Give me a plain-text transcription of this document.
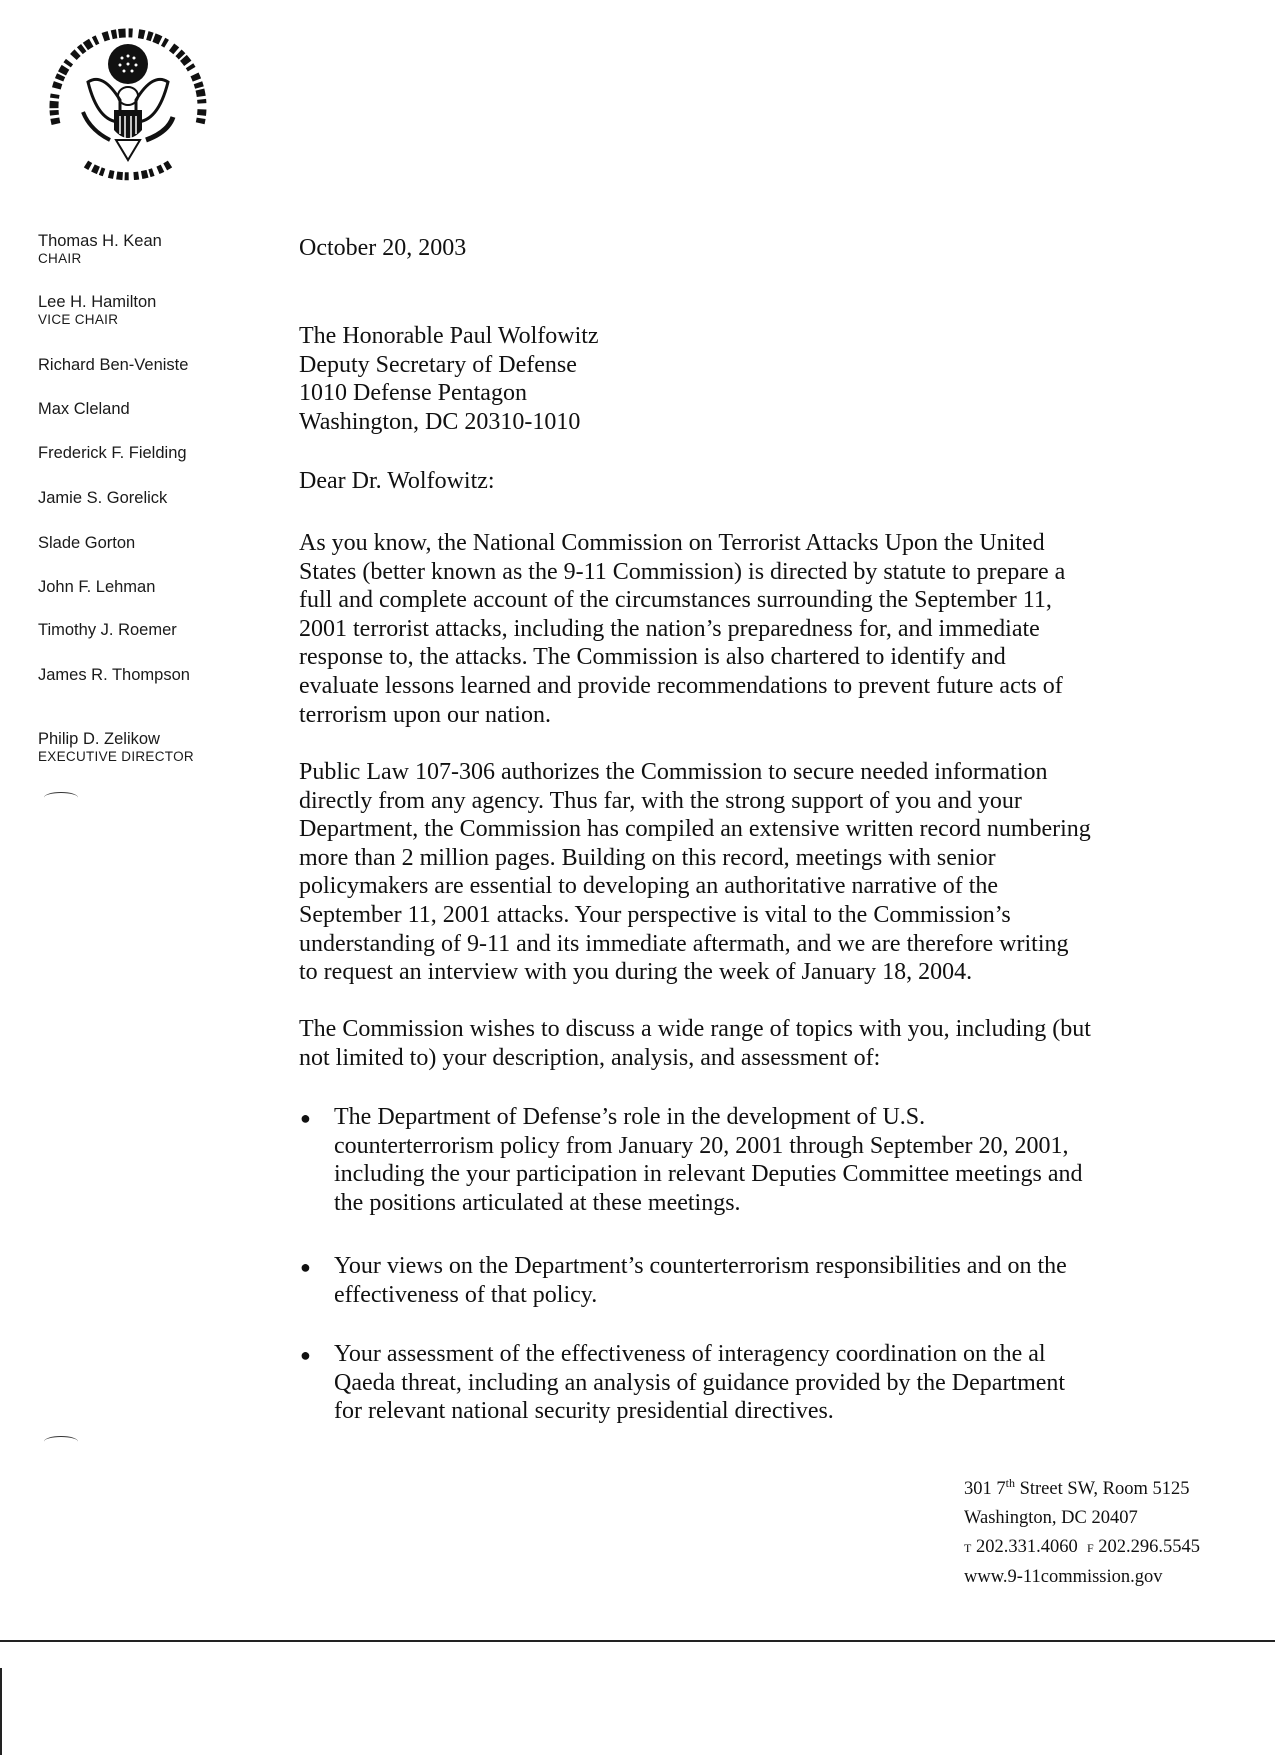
Thomas H. Kean
CHAIR
Lee H. Hamilton
VICE CHAIR
Richard Ben-Veniste
Max Cleland
Frederick F. Fielding
Jamie S. Gorelick
Slade Gorton
John F. Lehman
Timothy J. Roemer
James R. Thompson
Philip D. Zelikow
EXECUTIVE DIRECTOR
October 20, 2003
The Honorable Paul Wolfowitz
Deputy Secretary of Defense
1010 Defense Pentagon
Washington, DC 20310-1010
Dear Dr. Wolfowitz:
As you know, the National Commission on Terrorist Attacks Upon the United
States (better known as the 9-11 Commission) is directed by statute to prepare a
full and complete account of the circumstances surrounding the September 11,
2001 terrorist attacks, including the nation’s preparedness for, and immediate
response to, the attacks. The Commission is also chartered to identify and
evaluate lessons learned and provide recommendations to prevent future acts of
terrorism upon our nation.
Public Law 107-306 authorizes the Commission to secure needed information
directly from any agency. Thus far, with the strong support of you and your
Department, the Commission has compiled an extensive written record numbering
more than 2 million pages. Building on this record, meetings with senior
policymakers are essential to developing an authoritative narrative of the
September 11, 2001 attacks. Your perspective is vital to the Commission’s
understanding of 9-11 and its immediate aftermath, and we are therefore writing
to request an interview with you during the week of January 18, 2004.
The Commission wishes to discuss a wide range of topics with you, including (but
not limited to) your description, analysis, and assessment of:
● The Department of Defense’s role in the development of U.S.
counterterrorism policy from January 20, 2001 through September 20, 2001,
including the your participation in relevant Deputies Committee meetings and
the positions articulated at these meetings.
● Your views on the Department’s counterterrorism responsibilities and on the
effectiveness of that policy.
● Your assessment of the effectiveness of interagency coordination on the al
Qaeda threat, including an analysis of guidance provided by the Department
for relevant national security presidential directives.
301 7th Street SW, Room 5125
Washington, DC 20407
T 202.331.4060 F 202.296.5545
www.9-11commission.gov
